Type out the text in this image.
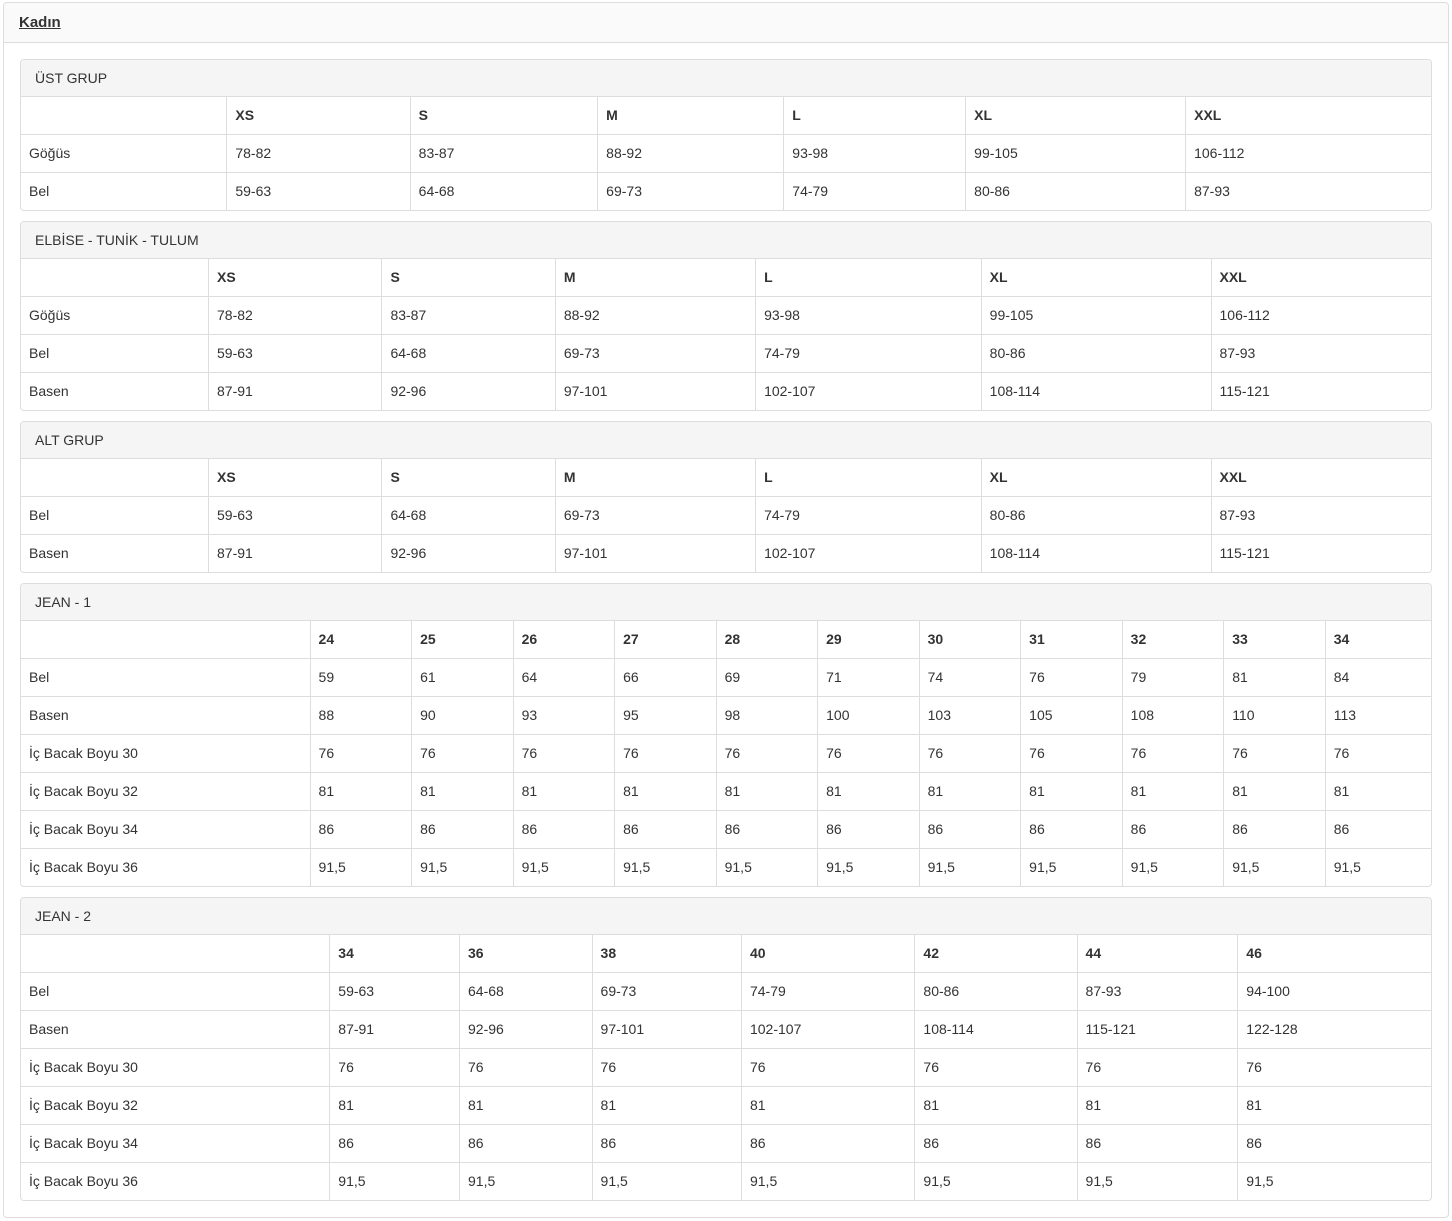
Kadın
ÜST GRUP
	XS	S	M	L	XL	XXL
Göğüs	78-82	83-87	88-92	93-98	99-105	106-112
Bel	59-63	64-68	69-73	74-79	80-86	87-93
ELBİSE - TUNİK - TULUM
	XS	S	M	L	XL	XXL
Göğüs	78-82	83-87	88-92	93-98	99-105	106-112
Bel	59-63	64-68	69-73	74-79	80-86	87-93
Basen	87-91	92-96	97-101	102-107	108-114	115-121
ALT GRUP
	XS	S	M	L	XL	XXL
Bel	59-63	64-68	69-73	74-79	80-86	87-93
Basen	87-91	92-96	97-101	102-107	108-114	115-121
JEAN - 1
	24	25	26	27	28	29	30	31	32	33	34
Bel	59	61	64	66	69	71	74	76	79	81	84
Basen	88	90	93	95	98	100	103	105	108	110	113
İç Bacak Boyu 30	76	76	76	76	76	76	76	76	76	76	76
İç Bacak Boyu 32	81	81	81	81	81	81	81	81	81	81	81
İç Bacak Boyu 34	86	86	86	86	86	86	86	86	86	86	86
İç Bacak Boyu 36	91,5	91,5	91,5	91,5	91,5	91,5	91,5	91,5	91,5	91,5	91,5
JEAN - 2
	34	36	38	40	42	44	46
Bel	59-63	64-68	69-73	74-79	80-86	87-93	94-100
Basen	87-91	92-96	97-101	102-107	108-114	115-121	122-128
İç Bacak Boyu 30	76	76	76	76	76	76	76
İç Bacak Boyu 32	81	81	81	81	81	81	81
İç Bacak Boyu 34	86	86	86	86	86	86	86
İç Bacak Boyu 36	91,5	91,5	91,5	91,5	91,5	91,5	91,5
